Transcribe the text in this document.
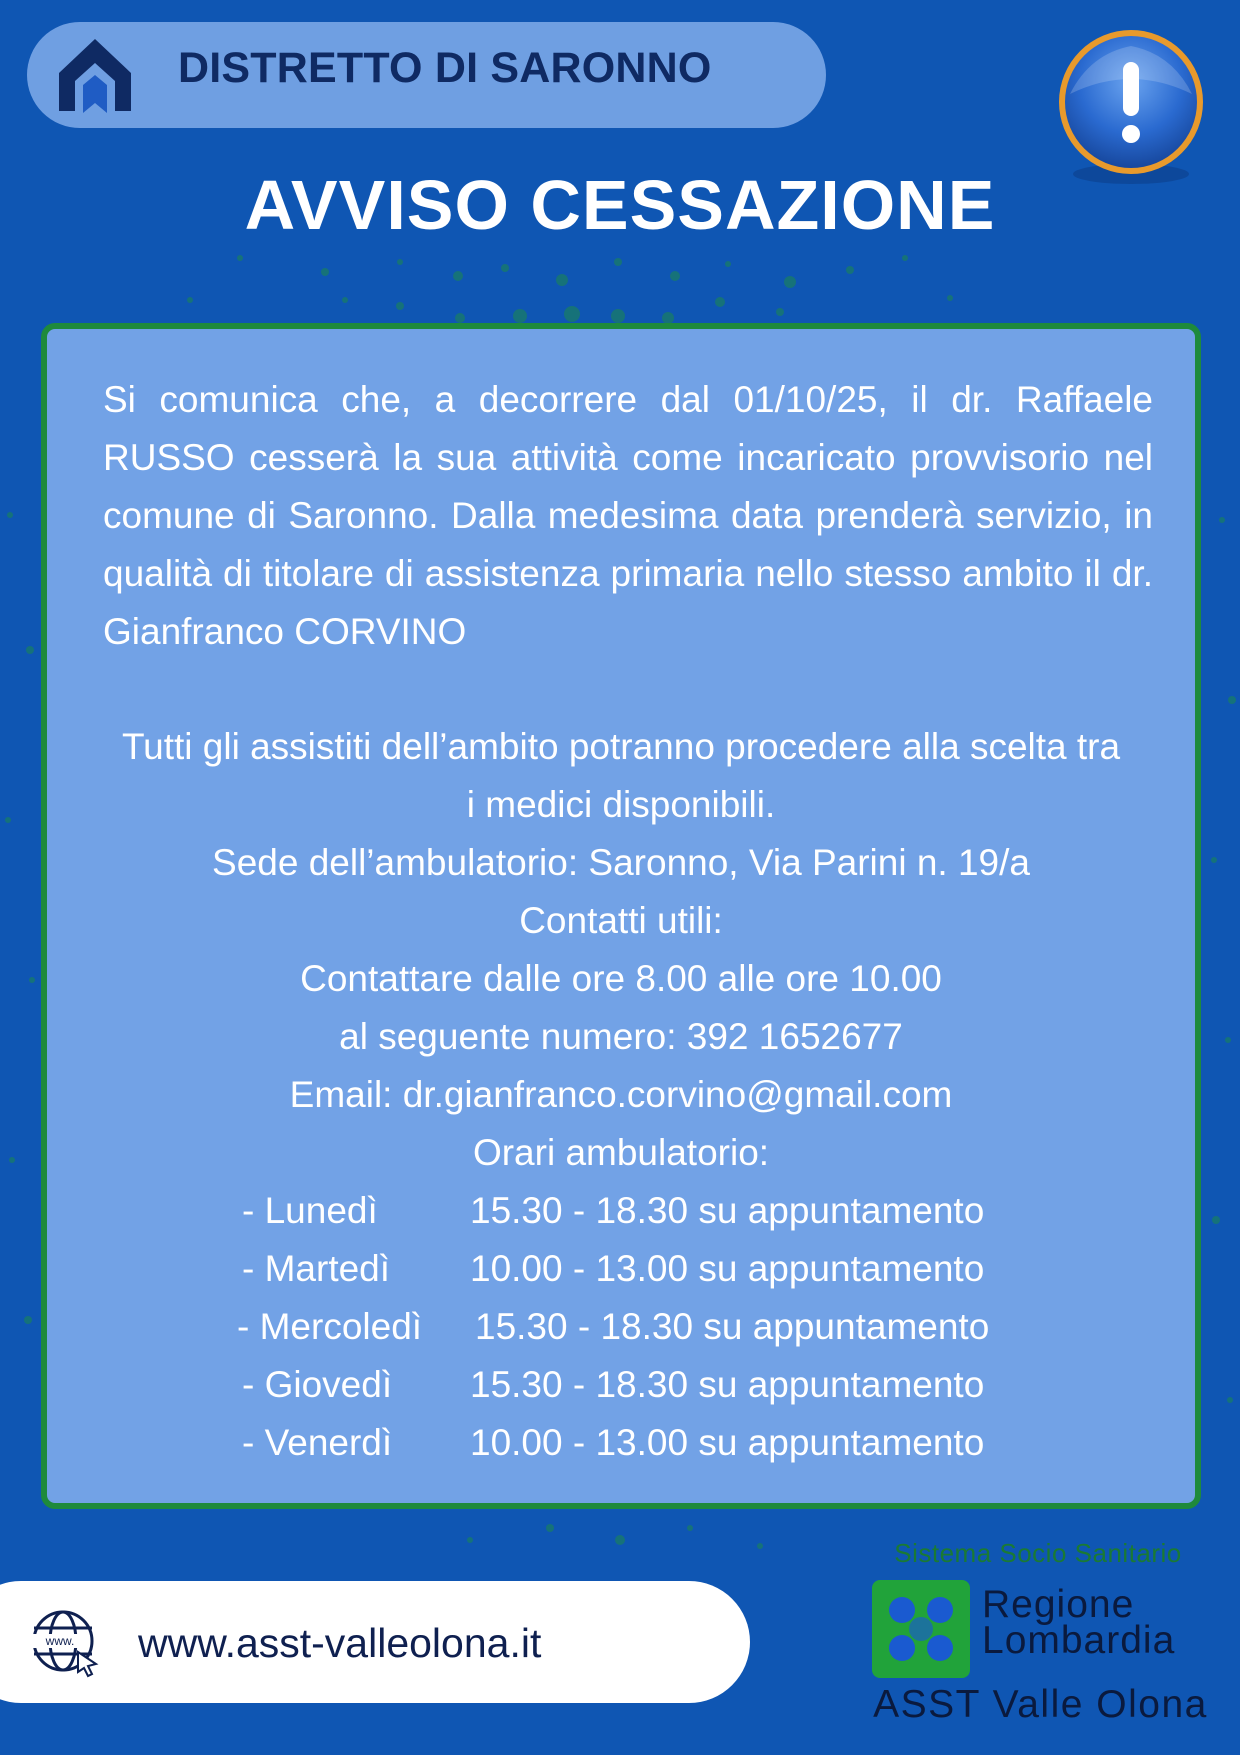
DISTRETTO DI SARONNO
AVVISO CESSAZIONE

Si comunica che, a decorrere dal 01/10/25, il dr. Raffaele RUSSO cesserà la sua attività come incaricato provvisorio nel comune di Saronno. Dalla medesima data prenderà servizio, in qualità di titolare di assistenza primaria nello stesso ambito il dr. Gianfranco CORVINO

Tutti gli assistiti dell’ambito potranno procedere alla scelta tra
i medici disponibili.
Sede dell’ambulatorio: Saronno, Via Parini n. 19/a
Contatti utili:
Contattare dalle ore 8.00 alle ore 10.00
al seguente numero: 392 1652677
Email: dr.gianfranco.corvino@gmail.com
Orari ambulatorio:
- Lunedì 15.30 - 18.30 su appuntamento
- Martedì 10.00 - 13.00 su appuntamento
- Mercoledì 15.30 - 18.30 su appuntamento
- Giovedì 15.30 - 18.30 su appuntamento
- Venerdì 10.00 - 13.00 su appuntamento
www. www.asst-valleolona.it
Sistema Socio Sanitario
Regione
Lombardia
ASST Valle Olona
